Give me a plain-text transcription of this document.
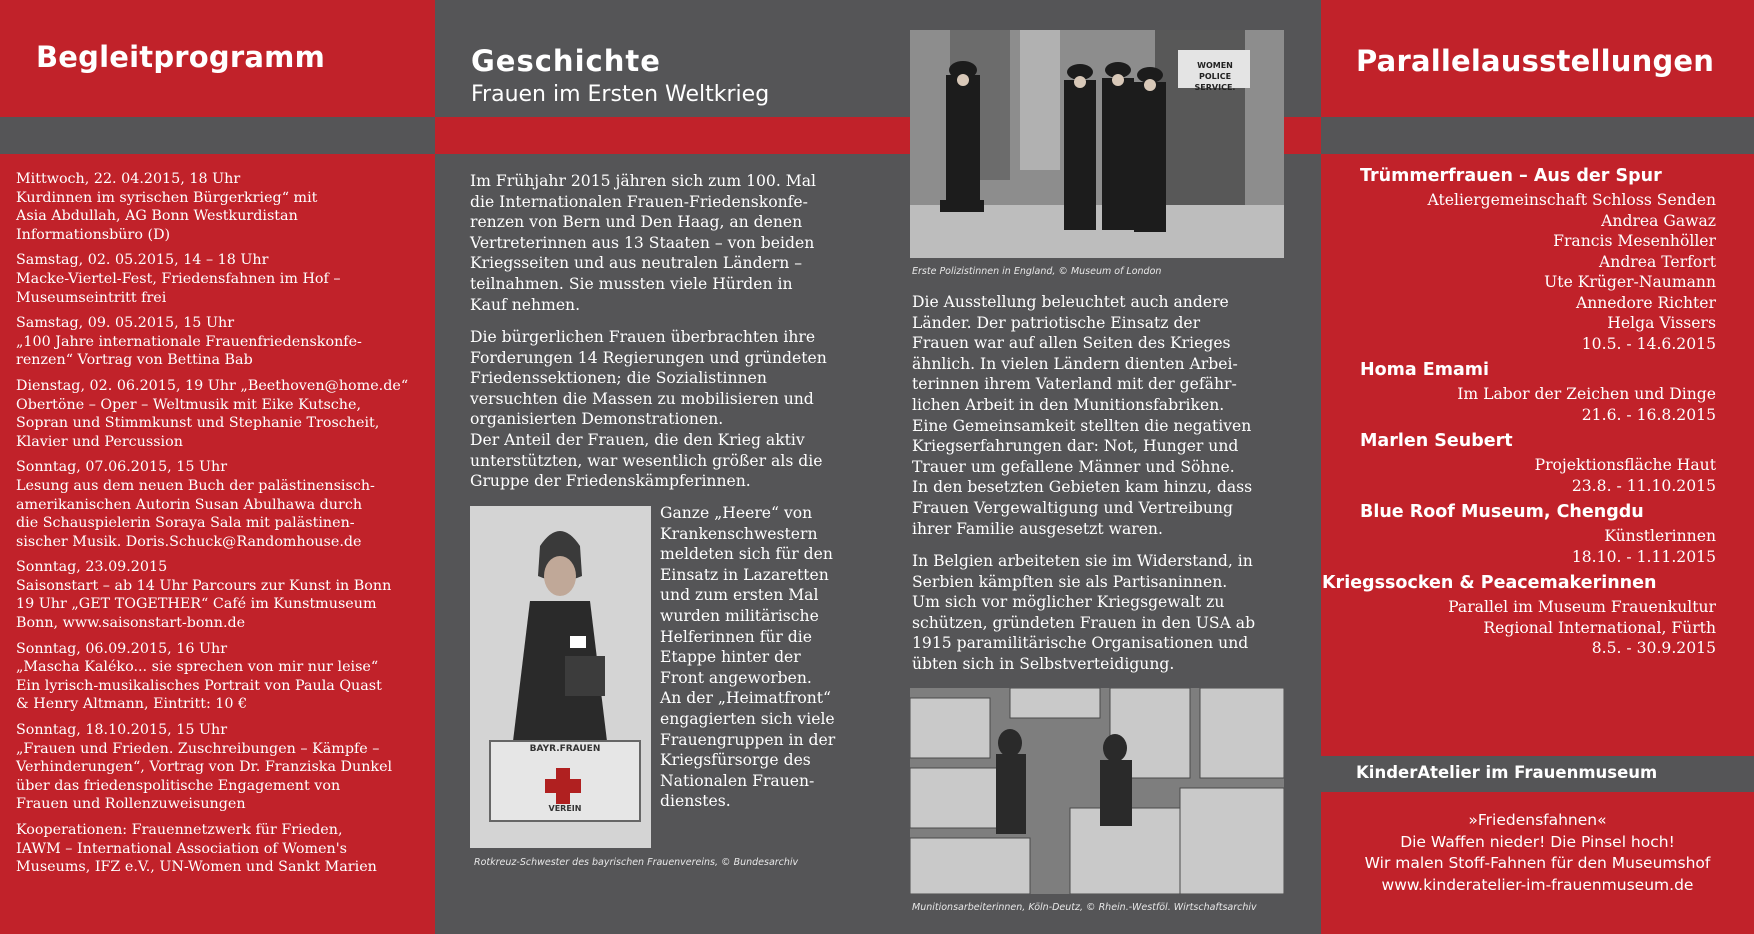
Begleitprogramm
Mittwoch, 22. 04.2015, 18 Uhr
Kurdinnen im syrischen Bürgerkrieg“ mit
Asia Abdullah, AG Bonn Westkurdistan
Informationsbüro (D)
Samstag, 02. 05.2015, 14 – 18 Uhr
Macke-Viertel-Fest, Friedensfahnen im Hof –
Museumseintritt frei
Samstag, 09. 05.2015, 15 Uhr
„100 Jahre internationale Frauenfriedenskonfe-
renzen“ Vortrag von Bettina Bab
Dienstag, 02. 06.2015, 19 Uhr „Beethoven@home.de“
Obertöne – Oper – Weltmusik mit Eike Kutsche,
Sopran und Stimmkunst und Stephanie Troscheit,
Klavier und Percussion
Sonntag, 07.06.2015, 15 Uhr
Lesung aus dem neuen Buch der palästinensisch-
amerikanischen Autorin Susan Abulhawa durch
die Schauspielerin Soraya Sala mit palästinen-
sischer Musik. Doris.Schuck@Randomhouse.de
Sonntag, 23.09.2015
Saisonstart – ab 14 Uhr Parcours zur Kunst in Bonn
19 Uhr „GET TOGETHER“ Café im Kunstmuseum
Bonn, www.saisonstart-bonn.de
Sonntag, 06.09.2015, 16 Uhr
„Mascha Kaléko... sie sprechen von mir nur leise“
Ein lyrisch-musikalisches Portrait von Paula Quast
& Henry Altmann, Eintritt: 10 €
Sonntag, 18.10.2015, 15 Uhr
„Frauen und Frieden. Zuschreibungen – Kämpfe –
Verhinderungen“, Vortrag von Dr. Franziska Dunkel
über das friedenspolitische Engagement von
Frauen und Rollenzuweisungen
Kooperationen: Frauennetzwerk für Frieden,
IAWM – International Association of Women's
Museums, IFZ e.V., UN-Women und Sankt Marien
Geschichte
Frauen im Ersten Weltkrieg
WOMEN POLICE
SERVICE.
Erste Polizistinnen in England, © Museum of London
Im Frühjahr 2015 jähren sich zum 100. Mal
die Internationalen Frauen-Friedenskonfe-
renzen von Bern und Den Haag, an denen
Vertreterinnen aus 13 Staaten – von beiden
Kriegsseiten und aus neutralen Ländern –
teilnahmen. Sie mussten viele Hürden in
Kauf nehmen.
Die bürgerlichen Frauen überbrachten ihre
Forderungen 14 Regierungen und gründeten
Friedenssektionen; die Sozialistinnen
versuchten die Massen zu mobilisieren und
organisierten Demonstrationen.
Der Anteil der Frauen, die den Krieg aktiv
unterstützten, war wesentlich größer als die
Gruppe der Friedenskämpferinnen.
BAYR.FRAUEN
VEREIN
Rotkreuz-Schwester des bayrischen Frauenvereins, © Bundesarchiv
Ganze „Heere“ von
Krankenschwestern
meldeten sich für den
Einsatz in Lazaretten
und zum ersten Mal
wurden militärische
Helferinnen für die
Etappe hinter der
Front angeworben.
An der „Heimatfront“
engagierten sich viele
Frauengruppen in der
Kriegsfürsorge des
Nationalen Frauen-
dienstes.
Die Ausstellung beleuchtet auch andere
Länder. Der patriotische Einsatz der
Frauen war auf allen Seiten des Krieges
ähnlich. In vielen Ländern dienten Arbei-
terinnen ihrem Vaterland mit der gefähr-
lichen Arbeit in den Munitionsfabriken.
Eine Gemeinsamkeit stellten die negativen
Kriegserfahrungen dar: Not, Hunger und
Trauer um gefallene Männer und Söhne.
In den besetzten Gebieten kam hinzu, dass
Frauen Vergewaltigung und Vertreibung
ihrer Familie ausgesetzt waren.
In Belgien arbeiteten sie im Widerstand, in
Serbien kämpften sie als Partisaninnen.
Um sich vor möglicher Kriegsgewalt zu
schützen, gründeten Frauen in den USA ab
1915 paramilitärische Organisationen und
übten sich in Selbstverteidigung.
Munitionsarbeiterinnen, Köln-Deutz, © Rhein.-Westföl. Wirtschaftsarchiv
Parallelausstellungen
Trümmerfrauen – Aus der Spur
Ateliergemeinschaft Schloss Senden
Andrea Gawaz
Francis Mesenhöller
Andrea Terfort
Ute Krüger-Naumann
Annedore Richter
Helga Vissers
10.5. - 14.6.2015
Homa Emami
Im Labor der Zeichen und Dinge
21.6. - 16.8.2015
Marlen Seubert
Projektionsfläche Haut
23.8. - 11.10.2015
Blue Roof Museum, Chengdu
Künstlerinnen
18.10. - 1.11.2015
Kriegssocken & Peacemakerinnen
Parallel im Museum Frauenkultur
Regional International, Fürth
8.5. - 30.9.2015
KinderAtelier im Frauenmuseum
»Friedensfahnen«
Die Waffen nieder! Die Pinsel hoch!
Wir malen Stoff-Fahnen für den Museumshof
www.kinderatelier-im-frauenmuseum.de
